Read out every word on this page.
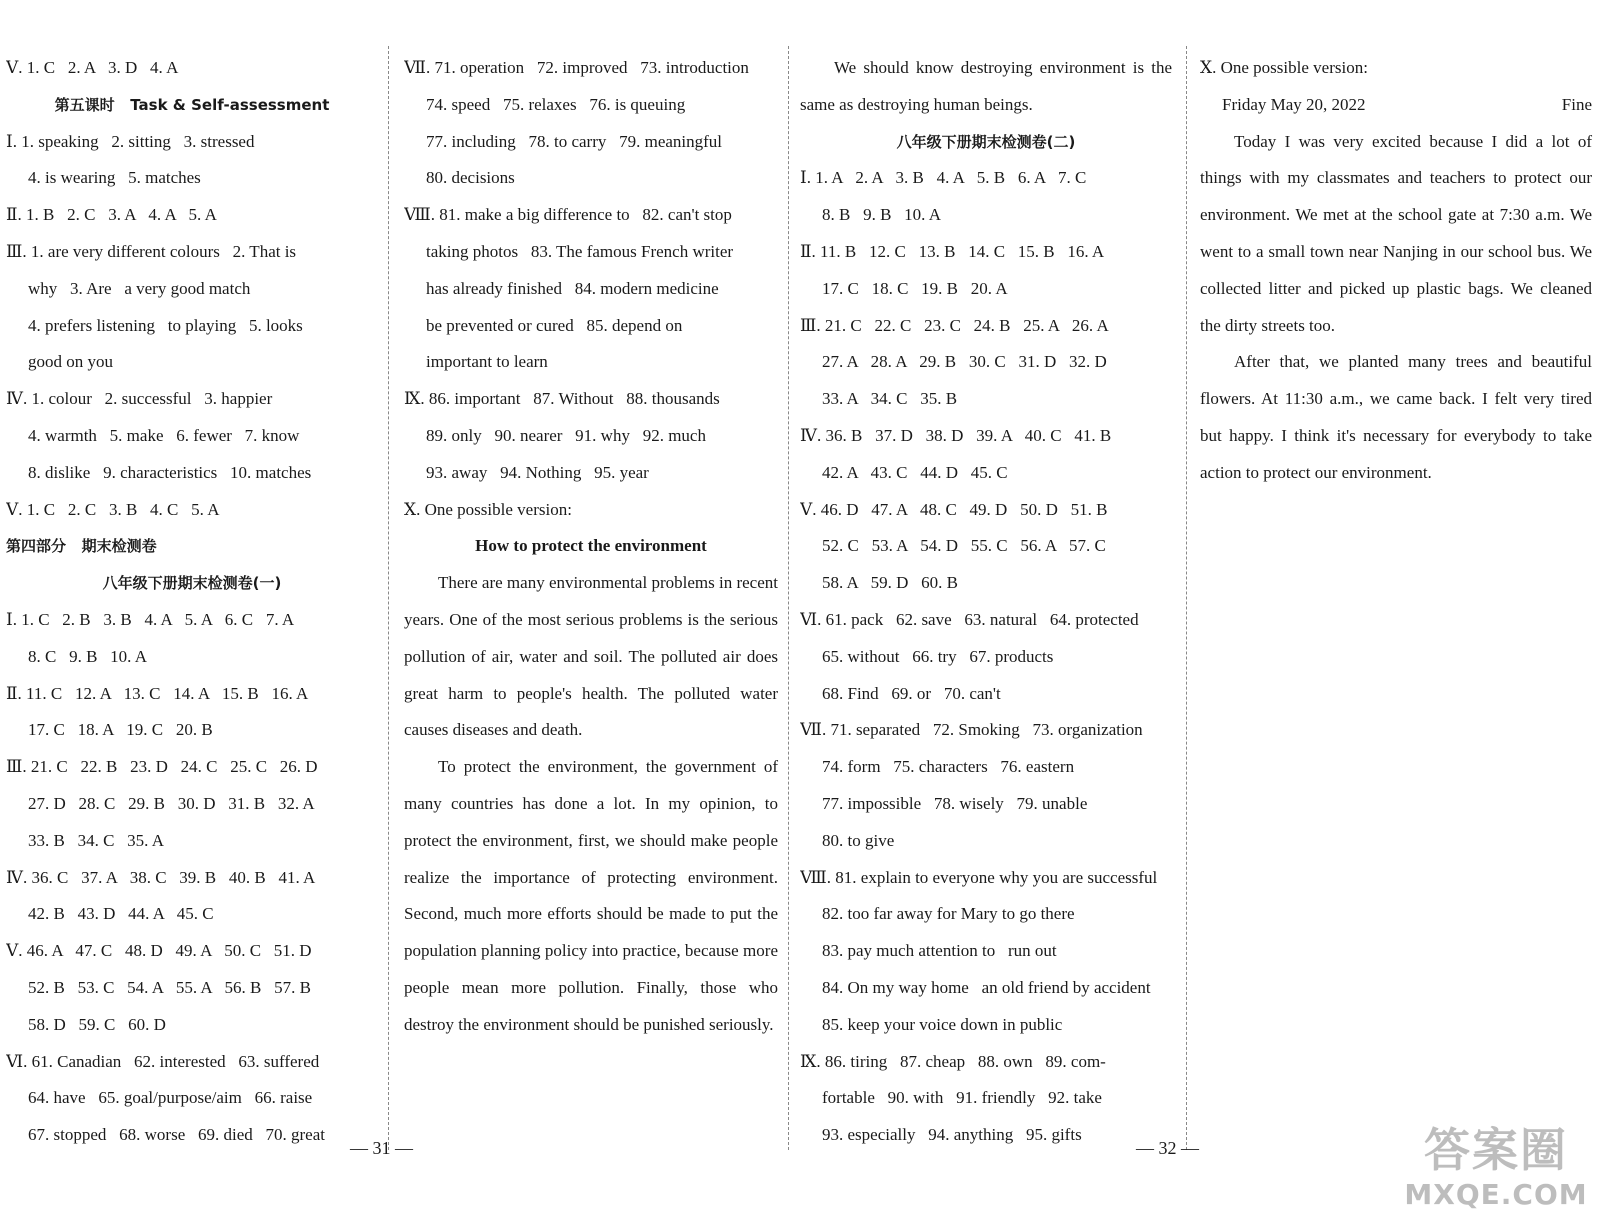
Ⅴ. 1. C   2. A   3. D   4. A
第五课时   Task & Self-assessment
Ⅰ. 1. speaking   2. sitting   3. stressed
4. is wearing   5. matches
Ⅱ. 1. B   2. C   3. A   4. A   5. A
Ⅲ. 1. are very different colours   2. That is
why   3. Are   a very good match
4. prefers listening   to playing   5. looks
good on you
Ⅳ. 1. colour   2. successful   3. happier
4. warmth   5. make   6. fewer   7. know
8. dislike   9. characteristics   10. matches
Ⅴ. 1. C   2. C   3. B   4. C   5. A
第四部分   期末检测卷
八年级下册期末检测卷(一)
Ⅰ. 1. C   2. B   3. B   4. A   5. A   6. C   7. A
8. C   9. B   10. A
Ⅱ. 11. C   12. A   13. C   14. A   15. B   16. A
17. C   18. A   19. C   20. B
Ⅲ. 21. C   22. B   23. D   24. C   25. C   26. D
27. D   28. C   29. B   30. D   31. B   32. A
33. B   34. C   35. A
Ⅳ. 36. C   37. A   38. C   39. B   40. B   41. A
42. B   43. D   44. A   45. C
Ⅴ. 46. A   47. C   48. D   49. A   50. C   51. D
52. B   53. C   54. A   55. A   56. B   57. B
58. D   59. C   60. D
Ⅵ. 61. Canadian   62. interested   63. suffered
64. have   65. goal/purpose/aim   66. raise
67. stopped   68. worse   69. died   70. great
Ⅶ. 71. operation   72. improved   73. introduction
74. speed   75. relaxes   76. is queuing
77. including   78. to carry   79. meaningful
80. decisions
Ⅷ. 81. make a big difference to   82. can't stop
taking photos   83. The famous French writer
has already finished   84. modern medicine
be prevented or cured   85. depend on
important to learn
Ⅸ. 86. important   87. Without   88. thousands
89. only   90. nearer   91. why   92. much
93. away   94. Nothing   95. year
Ⅹ. One possible version:
How to protect the environment

There are many environmental problems in recent years. One of the most serious problems is the serious pollution of air, water and soil. The polluted air does great harm to people's health. The polluted water causes diseases and death.

To protect the environment, the government of many countries has done a lot. In my opinion, to protect the environment, first, we should make people realize the importance of protecting environment. Second, much more efforts should be made to put the population planning policy into practice, because more people mean more pollution. Finally, those who destroy the environment should be punished seriously.

We should know destroying environment is the same as destroying human beings.

八年级下册期末检测卷(二)
Ⅰ. 1. A   2. A   3. B   4. A   5. B   6. A   7. C
8. B   9. B   10. A
Ⅱ. 11. B   12. C   13. B   14. C   15. B   16. A
17. C   18. C   19. B   20. A
Ⅲ. 21. C   22. C   23. C   24. B   25. A   26. A
27. A   28. A   29. B   30. C   31. D   32. D
33. A   34. C   35. B
Ⅳ. 36. B   37. D   38. D   39. A   40. C   41. B
42. A   43. C   44. D   45. C
Ⅴ. 46. D   47. A   48. C   49. D   50. D   51. B
52. C   53. A   54. D   55. C   56. A   57. C
58. A   59. D   60. B
Ⅵ. 61. pack   62. save   63. natural   64. protected
65. without   66. try   67. products
68. Find   69. or   70. can't
Ⅶ. 71. separated   72. Smoking   73. organization
74. form   75. characters   76. eastern
77. impossible   78. wisely   79. unable
80. to give
Ⅷ. 81. explain to everyone why you are successful
82. too far away for Mary to go there
83. pay much attention to   run out
84. On my way home   an old friend by accident
85. keep your voice down in public
Ⅸ. 86. tiring   87. cheap   88. own   89. com-
fortable   90. with   91. friendly   92. take
93. especially   94. anything   95. gifts
Ⅹ. One possible version:
Friday May 20, 2022	Fine

Today I was very excited because I did a lot of things with my classmates and teachers to protect our environment. We met at the school gate at 7:30 a.m. We went to a small town near Nanjing in our school bus. We collected litter and picked up plastic bags. We cleaned the dirty streets too.

After that, we planted many trees and beautiful flowers. At 11:30 a.m., we came back. I felt very tired but happy. I think it's necessary for everybody to take action to protect our environment.

— 31 —	— 32 —	答案圈
MXQE.COM
